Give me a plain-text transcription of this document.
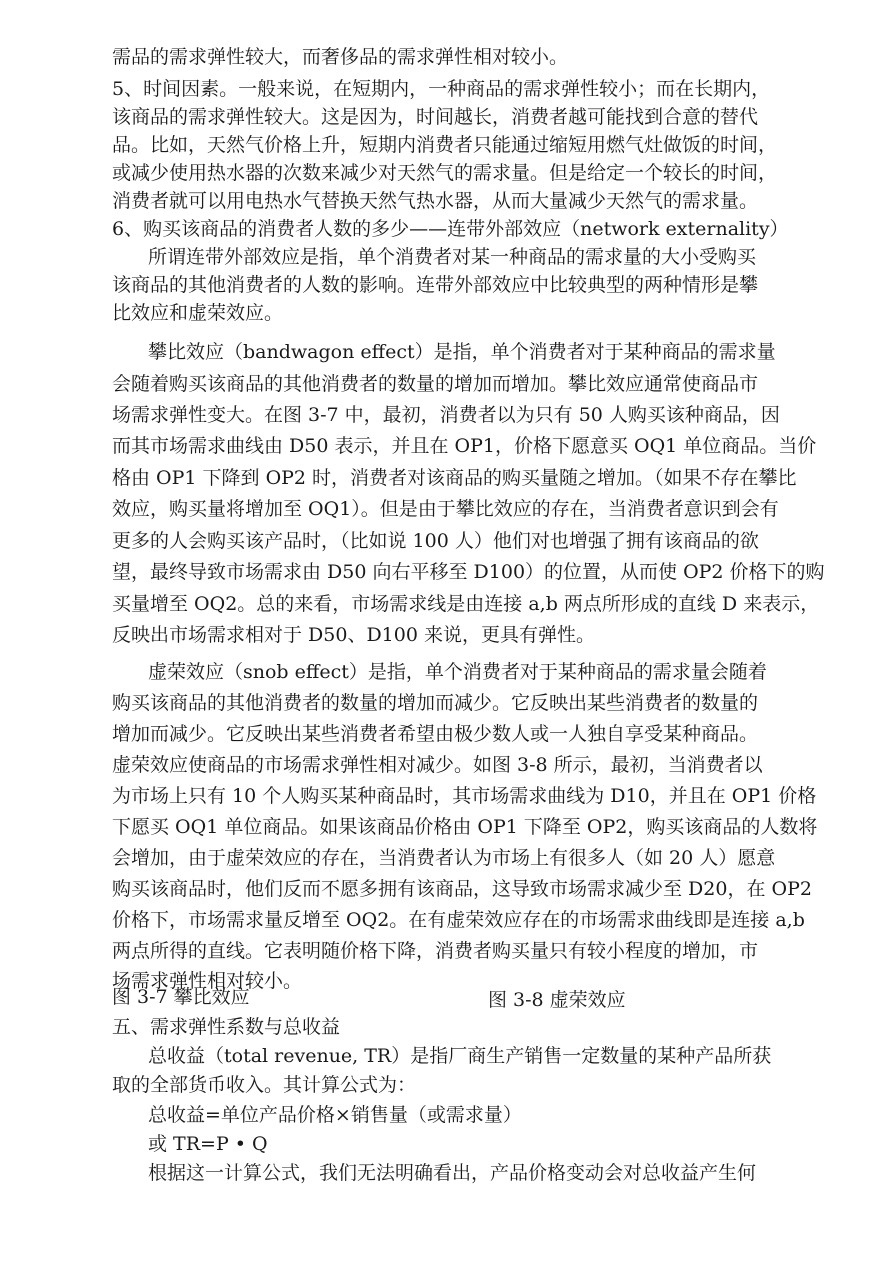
需品的需求弹性较大，而奢侈品的需求弹性相对较小。
5、时间因素。一般来说，在短期内，一种商品的需求弹性较小；而在长期内，
该商品的需求弹性较大。这是因为，时间越长，消费者越可能找到合意的替代
品。比如，天然气价格上升，短期内消费者只能通过缩短用燃气灶做饭的时间，
或减少使用热水器的次数来减少对天然气的需求量。但是给定一个较长的时间，
消费者就可以用电热水气替换天然气热水器，从而大量减少天然气的需求量。
6、购买该商品的消费者人数的多少——连带外部效应（network externality）
所谓连带外部效应是指，单个消费者对某一种商品的需求量的大小受购买
该商品的其他消费者的人数的影响。连带外部效应中比较典型的两种情形是攀
比效应和虚荣效应。
攀比效应（bandwagon effect）是指，单个消费者对于某种商品的需求量
会随着购买该商品的其他消费者的数量的增加而增加。攀比效应通常使商品市
场需求弹性变大。在图 3-7 中，最初，消费者以为只有 50 人购买该种商品，因
而其市场需求曲线由 D50 表示，并且在 OP1，价格下愿意买 OQ1 单位商品。当价
格由 OP1 下降到 OP2 时，消费者对该商品的购买量随之增加。（如果不存在攀比
效应，购买量将增加至 OQ1）。但是由于攀比效应的存在，当消费者意识到会有
更多的人会购买该产品时，（比如说 100 人）他们对也增强了拥有该商品的欲
望，最终导致市场需求由 D50 向右平移至 D100）的位置，从而使 OP2 价格下的购
买量增至 OQ2。总的来看，市场需求线是由连接 a,b 两点所形成的直线 D 来表示，
反映出市场需求相对于 D50、D100 来说，更具有弹性。
虚荣效应（snob effect）是指，单个消费者对于某种商品的需求量会随着
购买该商品的其他消费者的数量的增加而减少。它反映出某些消费者的数量的
增加而减少。它反映出某些消费者希望由极少数人或一人独自享受某种商品。
虚荣效应使商品的市场需求弹性相对减少。如图 3-8 所示，最初，当消费者以
为市场上只有 10 个人购买某种商品时，其市场需求曲线为 D10，并且在 OP1 价格
下愿买 OQ1 单位商品。如果该商品价格由 OP1 下降至 OP2，购买该商品的人数将
会增加，由于虚荣效应的存在，当消费者认为市场上有很多人（如 20 人）愿意
购买该商品时，他们反而不愿多拥有该商品，这导致市场需求减少至 D20，在 OP2
价格下，市场需求量反增至 OQ2。在有虚荣效应存在的市场需求曲线即是连接 a,b
两点所得的直线。它表明随价格下降，消费者购买量只有较小程度的增加，市
场需求弹性相对较小。
图 3-7 攀比效应	图 3-8 虚荣效应
五、需求弹性系数与总收益
总收益（total revenue, TR）是指厂商生产销售一定数量的某种产品所获
取的全部货币收入。其计算公式为：
总收益=单位产品价格×销售量（或需求量）
或 TR=P • Q
根据这一计算公式，我们无法明确看出，产品价格变动会对总收益产生何
